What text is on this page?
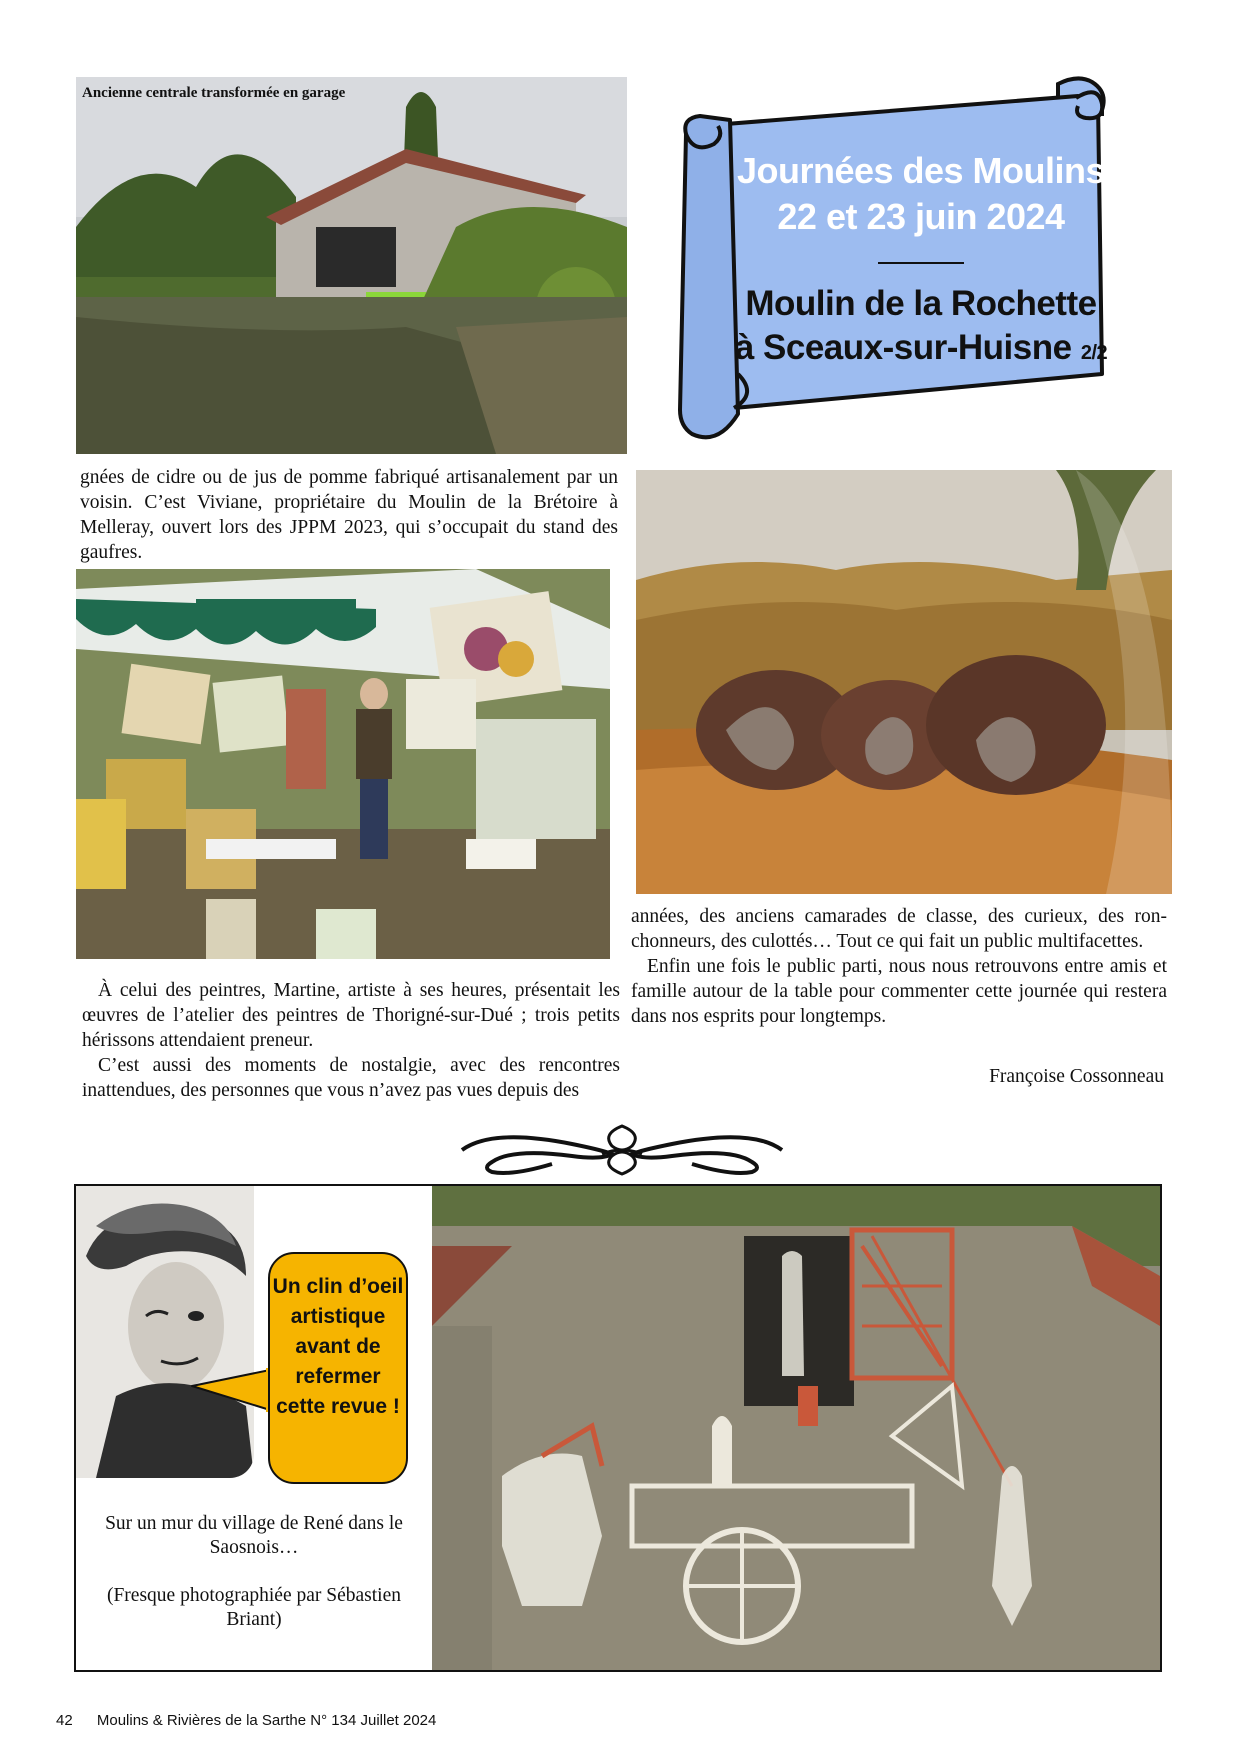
Ancienne centrale transformée en garage
Journées des Moulins
22 et 23 juin 2024
Moulin de la Rochette
à Sceaux-sur-Huisne 2/2

gnées de cidre ou de jus de pomme fabriqué artisanalement par un voisin. C’est Viviane, propriétaire du Moulin de la Brétoire à Melleray, ouvert lors des JPPM 2023, qui s’occupait du stand des gaufres.

À celui des peintres, Martine, artiste à ses heures, présentait les œuvres de l’atelier des peintres de Thorigné-sur-Dué ; trois petits hérissons attendaient preneur.

C’est aussi des moments de nostalgie, avec des rencontres inattendues, des personnes que vous n’avez pas vues depuis des

années, des anciens camarades de classe, des curieux, des ronchonneurs, des culottés… Tout ce qui fait un public multifacettes.

Enfin une fois le public parti, nous nous retrouvons entre amis et famille autour de la table pour commenter cette journée qui restera dans nos esprits pour longtemps.

Françoise Cossonneau
Un clin d’oeil artistique avant de refermer cette revue !
Sur un mur du village de René dans le Saosnois…
(Fresque photographiée par Sébastien Briant)
42 Moulins & Rivières de la Sarthe N° 134 Juillet 2024
